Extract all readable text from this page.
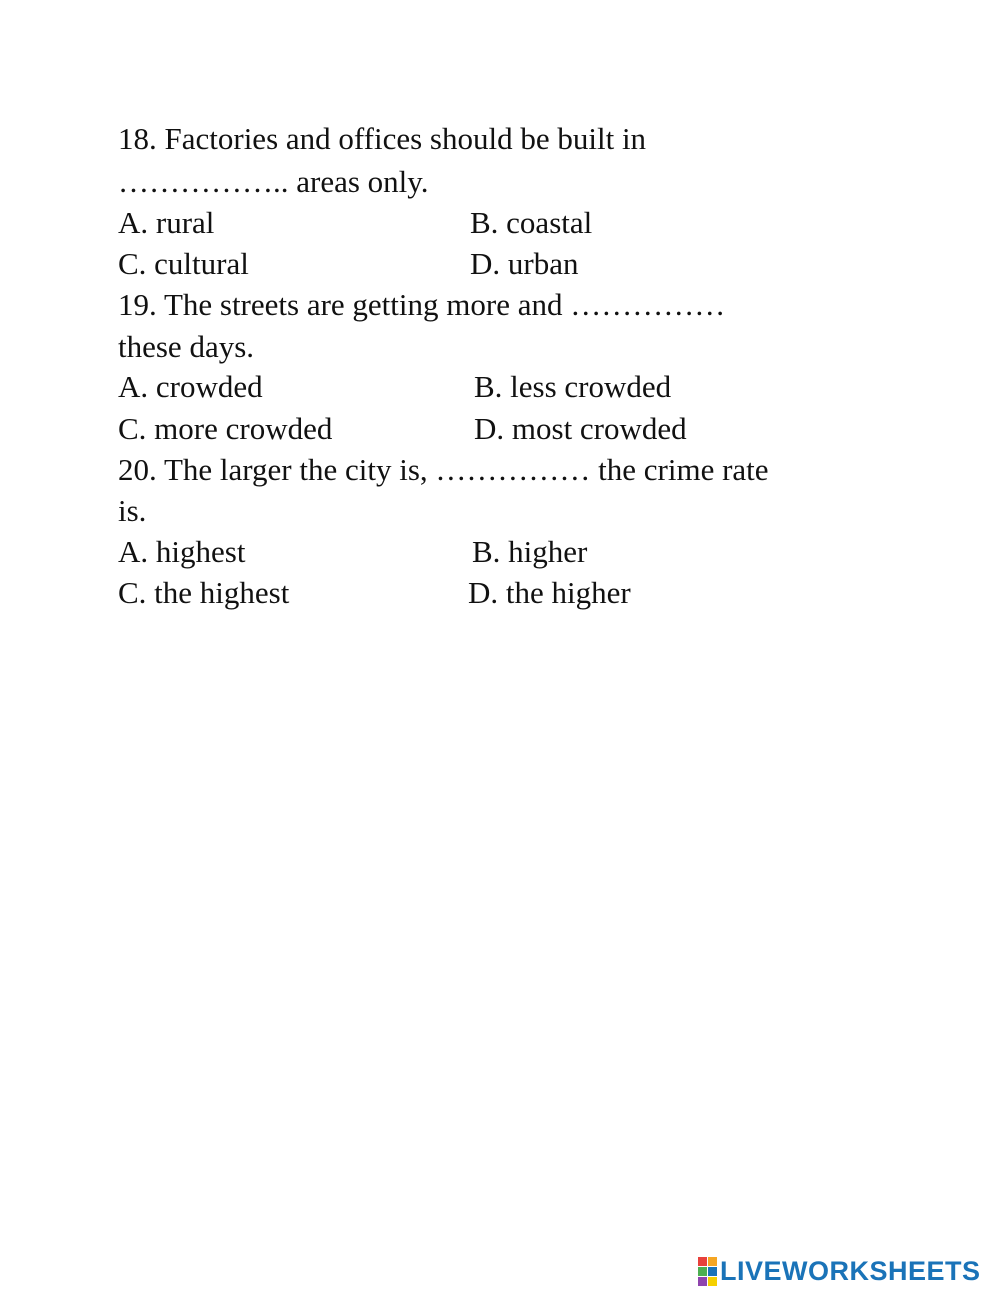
18. Factories and offices should be built in
…………….. areas only.
A. rural	B. coastal
C. cultural	D. urban
19. The streets are getting more and ……………
these days.
A. crowded	B. less crowded
C. more crowded	D. most crowded
20. The larger the city is, …………… the crime rate
is.
A. highest	B. higher
C. the highest	D. the higher
LIVEWORKSHEETS
